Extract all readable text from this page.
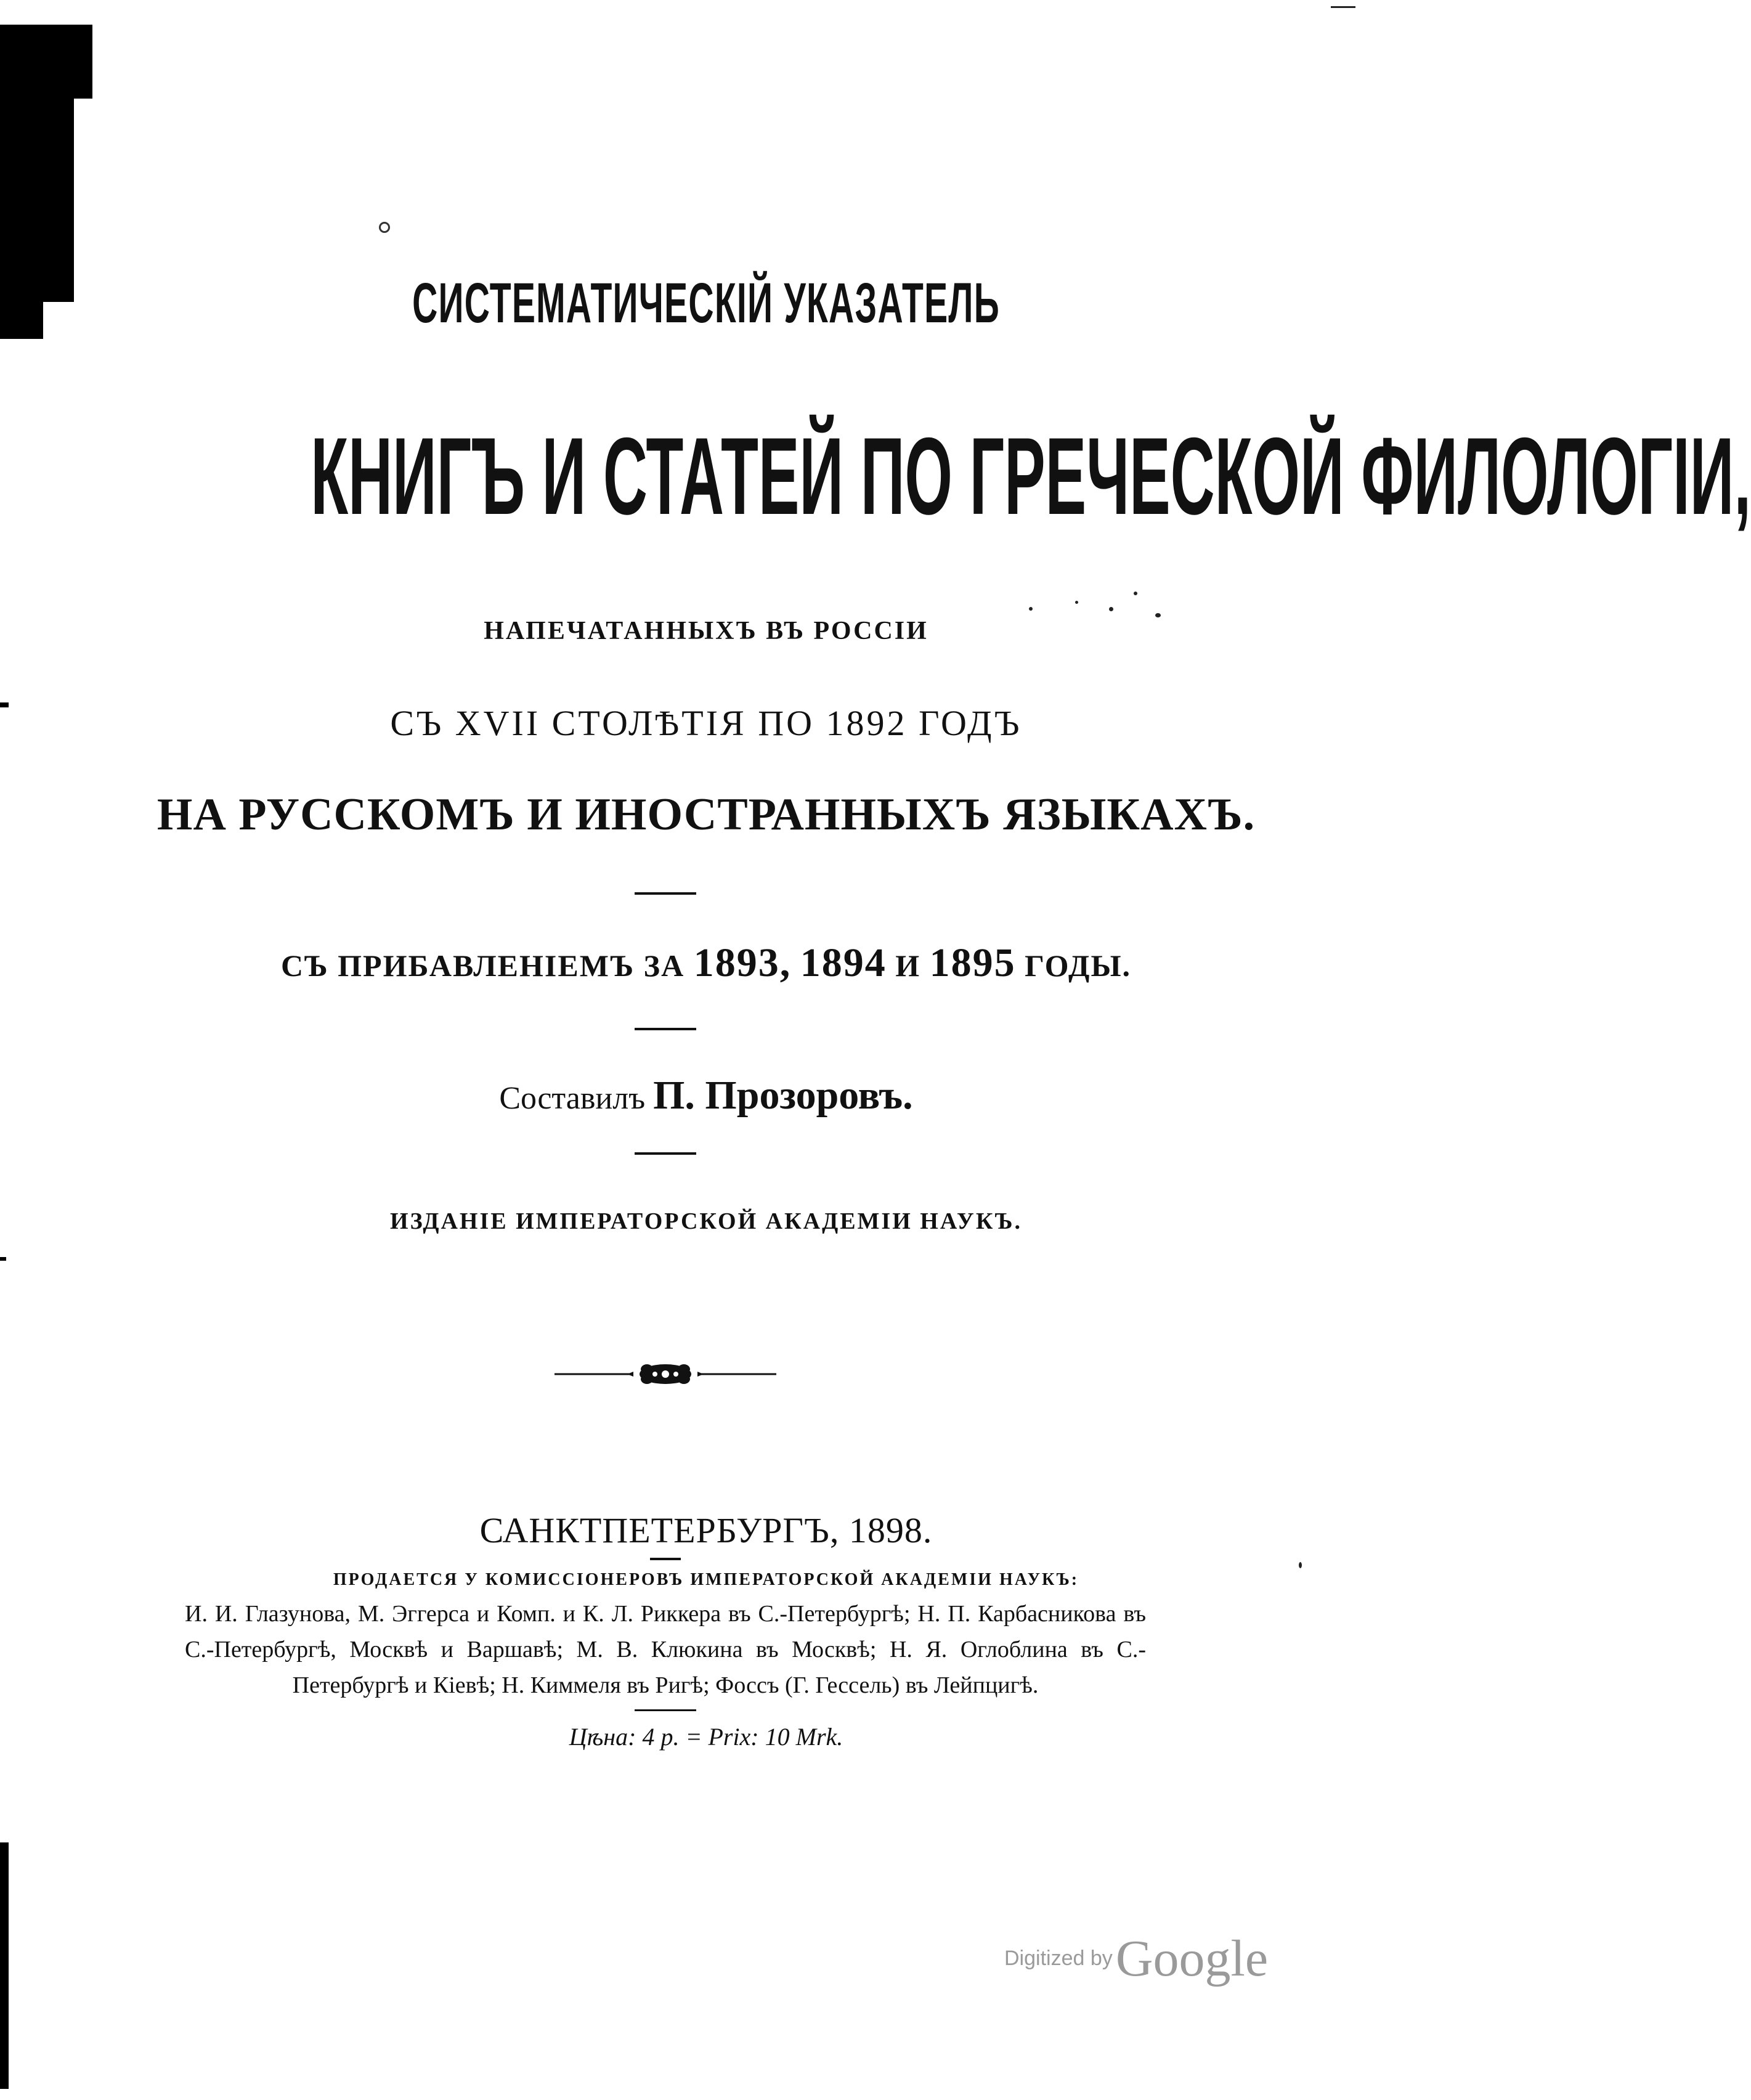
СИСТЕМАТИЧЕСКІЙ УКАЗАТЕЛЬ
КНИГЪ И СТАТЕЙ ПО ГРЕЧЕСКОЙ ФИЛОЛОГІИ,
НАПЕЧАТАННЫХЪ ВЪ РОССІИ
СЪ XVII СТОЛѢТІЯ ПО 1892 ГОДЪ
НА РУССКОМЪ И ИНОСТРАННЫХЪ ЯЗЫКАХЪ.
СЪ ПРИБАВЛЕНІЕМЪ ЗА 1893, 1894 И 1895 ГОДЫ.
Составилъ П. Прозоровъ.
ИЗДАНІЕ ИМПЕРАТОРСКОЙ АКАДЕМІИ НАУКЪ.
САНКТПЕТЕРБУРГЪ, 1898.
ПРОДАЕТСЯ У КОМИССІОНЕРОВЪ ИМПЕРАТОРСКОЙ АКАДЕМІИ НАУКЪ:
И. И. Глазунова, М. Эггерса и Комп. и К. Л. Риккера въ С.-Петербургѣ; Н. П. Карбасникова въ С.-Петербургѣ, Москвѣ и Варшавѣ; М. В. Клюкина въ Москвѣ; Н. Я. Оглоблина въ С.-Петербургѣ и Кіевѣ; Н. Киммеля въ Ригѣ; Фоссъ (Г. Гессель) въ Лейпцигѣ.
Цѣна: 4 р. = Prix: 10 Mrk.
Digitized by Google
